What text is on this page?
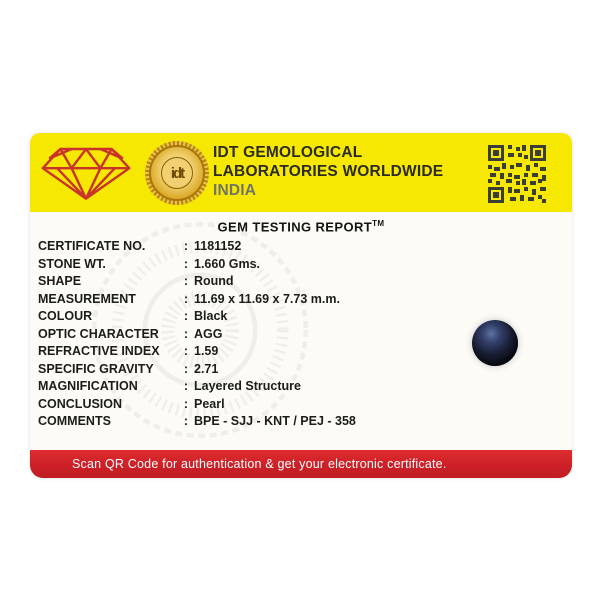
idt
IDT GEMOLOGICAL
LABORATORIES WORLDWIDE
INDIA
GEM TESTING REPORT™
CERTIFICATE NO.	: 1181152
STONE WT.	: 1.660 Gms.
SHAPE	: Round
MEASUREMENT	: 11.69 x 11.69 x 7.73 m.m.
COLOUR	: Black
OPTIC CHARACTER	: AGG
REFRACTIVE INDEX	: 1.59
SPECIFIC GRAVITY	: 2.71
MAGNIFICATION	: Layered Structure
CONCLUSION	: Pearl
COMMENTS	: BPE - SJJ - KNT / PEJ - 358
Scan QR Code for authentication & get your electronic certificate.
